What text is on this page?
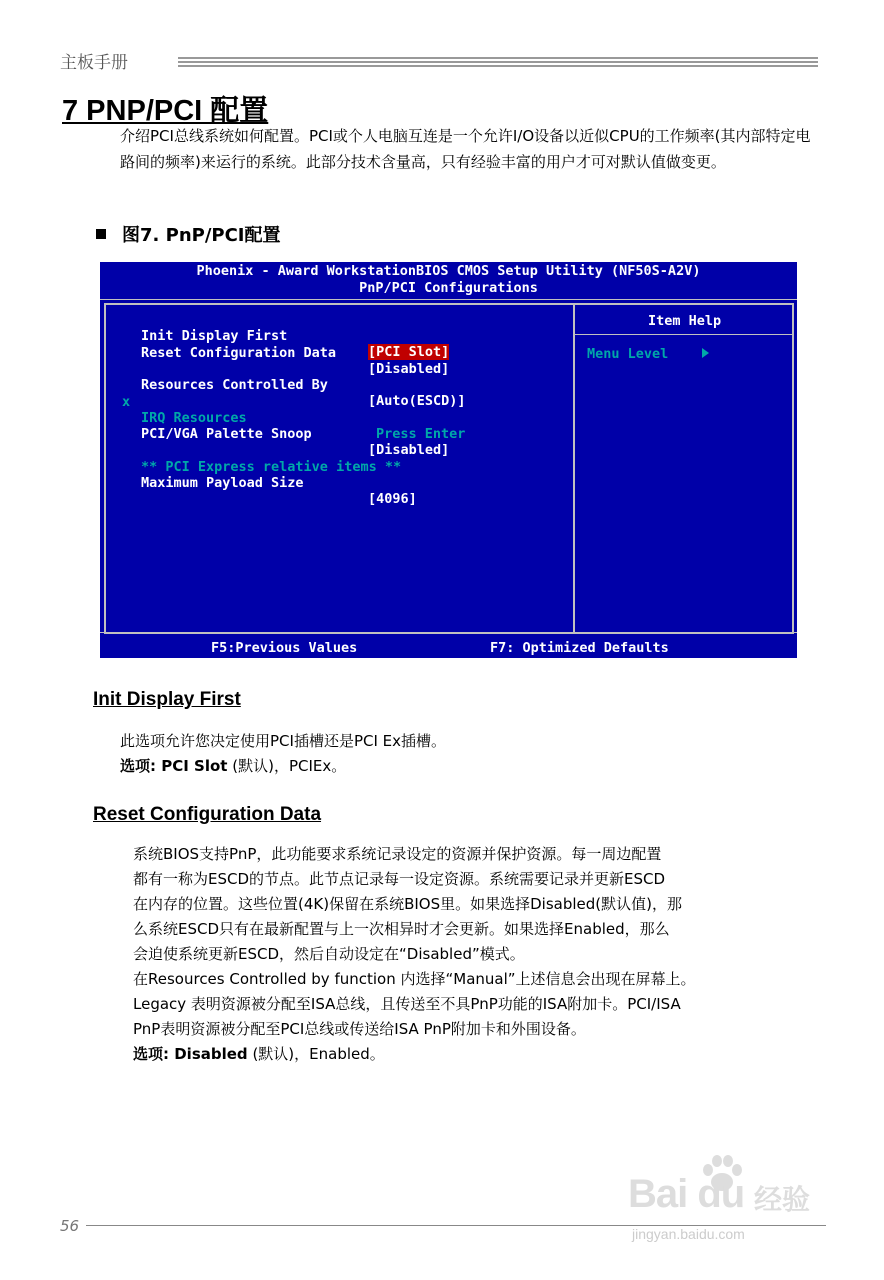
主板手册
7 PNP/PCI 配置
介绍PCI总线系统如何配置。PCI或个人电脑互连是一个允许I/O设备以近似CPU的工作频率(其内部特定电路间的频率)来运行的系统。此部分技术含量高，只有经验丰富的用户才可对默认值做变更。
图7. PnP/PCI配置
Phoenix - Award WorkstationBIOS CMOS Setup Utility (NF50S-A2V)
PnP/PCI Configurations

Init Display First

[PCI Slot]

Reset Configuration Data

[Disabled]

Resources Controlled By

[Auto(ESCD)]

x

IRQ Resources

Press Enter

PCI/VGA Palette Snoop

[Disabled]

** PCI Express relative items **

Maximum Payload Size

[4096]

Item Help
Menu Level
F5:Previous Values	F7: Optimized Defaults
Init Display First
此选项允许您决定使用PCI插槽还是PCI Ex插槽。
选项: PCI Slot (默认)，PCIEx。
Reset Configuration Data
系统BIOS支持PnP，此功能要求系统记录设定的资源并保护资源。每一周边配置
都有一称为ESCD的节点。此节点记录每一设定资源。系统需要记录并更新ESCD
在内存的位置。这些位置(4K)保留在系统BIOS里。如果选择Disabled(默认值)，那
么系统ESCD只有在最新配置与上一次相异时才会更新。如果选择Enabled，那么
会迫使系统更新ESCD，然后自动设定在“Disabled”模式。
在Resources Controlled by function 内选择“Manual”上述信息会出现在屏幕上。
Legacy 表明资源被分配至ISA总线，且传送至不具PnP功能的ISA附加卡。PCI/ISA
PnP表明资源被分配至PCI总线或传送给ISA PnP附加卡和外围设备。
选项: Disabled (默认)，Enabled。
56
Bai du 经验
jingyan.baidu.com
